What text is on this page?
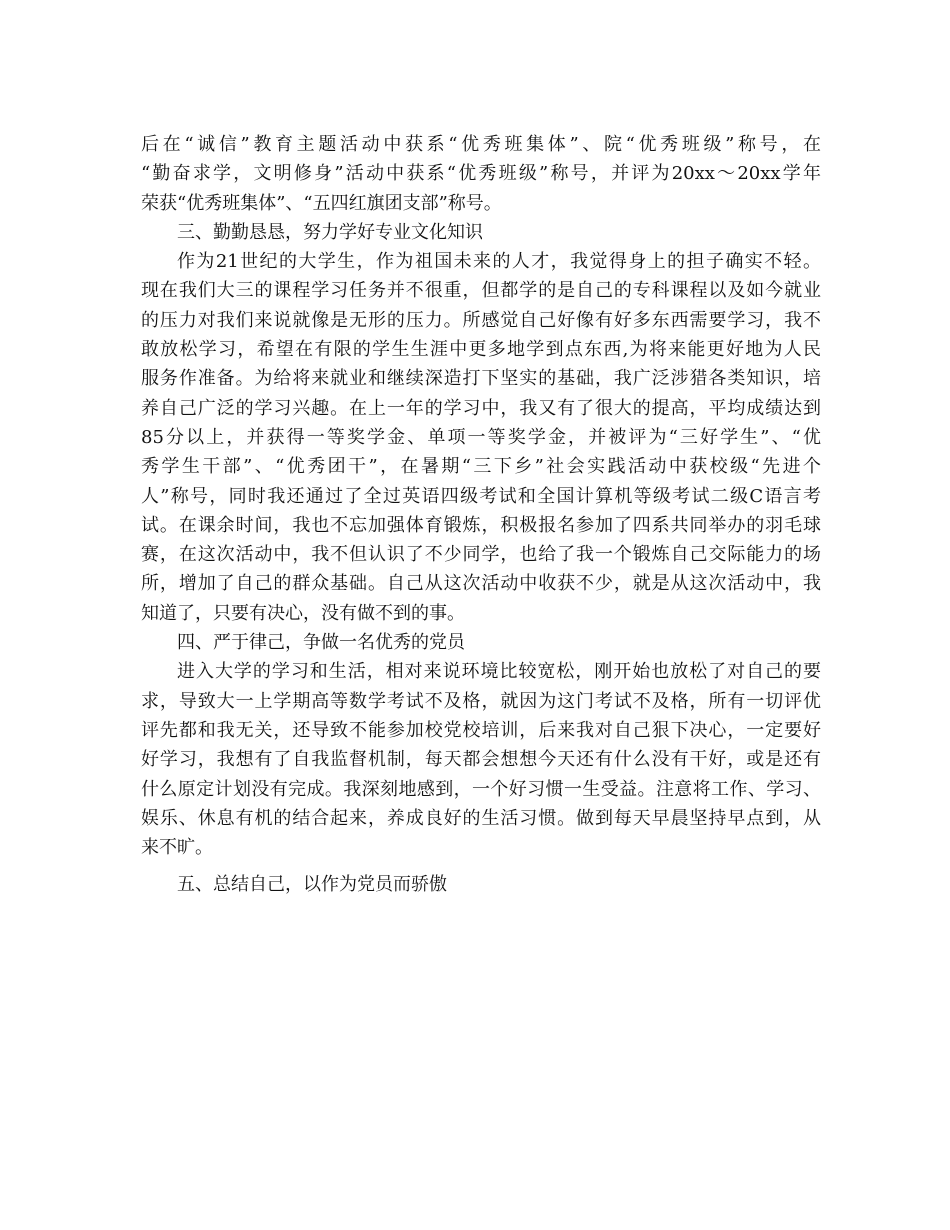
后在“诚信”教育主题活动中获系“优秀班集体”、院“优秀班级”称号，在
“勤奋求学，文明修身”活动中获系“优秀班级”称号，并评为20xx～20xx学年
荣获“优秀班集体”、“五四红旗团支部”称号。
三、勤勤恳恳，努力学好专业文化知识
作为21世纪的大学生，作为祖国未来的人才，我觉得身上的担子确实不轻。
现在我们大三的课程学习任务并不很重，但都学的是自己的专科课程以及如今就业
的压力对我们来说就像是无形的压力。所感觉自己好像有好多东西需要学习，我不
敢放松学习，希望在有限的学生生涯中更多地学到点东西,为将来能更好地为人民
服务作准备。为给将来就业和继续深造打下坚实的基础，我广泛涉猎各类知识，培
养自己广泛的学习兴趣。在上一年的学习中，我又有了很大的提高，平均成绩达到
85分以上，并获得一等奖学金、单项一等奖学金，并被评为“三好学生”、“优
秀学生干部”、“优秀团干”，在暑期“三下乡”社会实践活动中获校级“先进个
人”称号，同时我还通过了全过英语四级考试和全国计算机等级考试二级C语言考
试。在课余时间，我也不忘加强体育锻炼，积极报名参加了四系共同举办的羽毛球
赛，在这次活动中，我不但认识了不少同学，也给了我一个锻炼自己交际能力的场
所，增加了自己的群众基础。自己从这次活动中收获不少，就是从这次活动中，我
知道了，只要有决心，没有做不到的事。
四、严于律己，争做一名优秀的党员
进入大学的学习和生活，相对来说环境比较宽松，刚开始也放松了对自己的要
求，导致大一上学期高等数学考试不及格，就因为这门考试不及格，所有一切评优
评先都和我无关，还导致不能参加校党校培训，后来我对自己狠下决心，一定要好
好学习，我想有了自我监督机制，每天都会想想今天还有什么没有干好，或是还有
什么原定计划没有完成。我深刻地感到，一个好习惯一生受益。注意将工作、学习、
娱乐、休息有机的结合起来，养成良好的生活习惯。做到每天早晨坚持早点到，从
来不旷。
五、总结自己，以作为党员而骄傲
